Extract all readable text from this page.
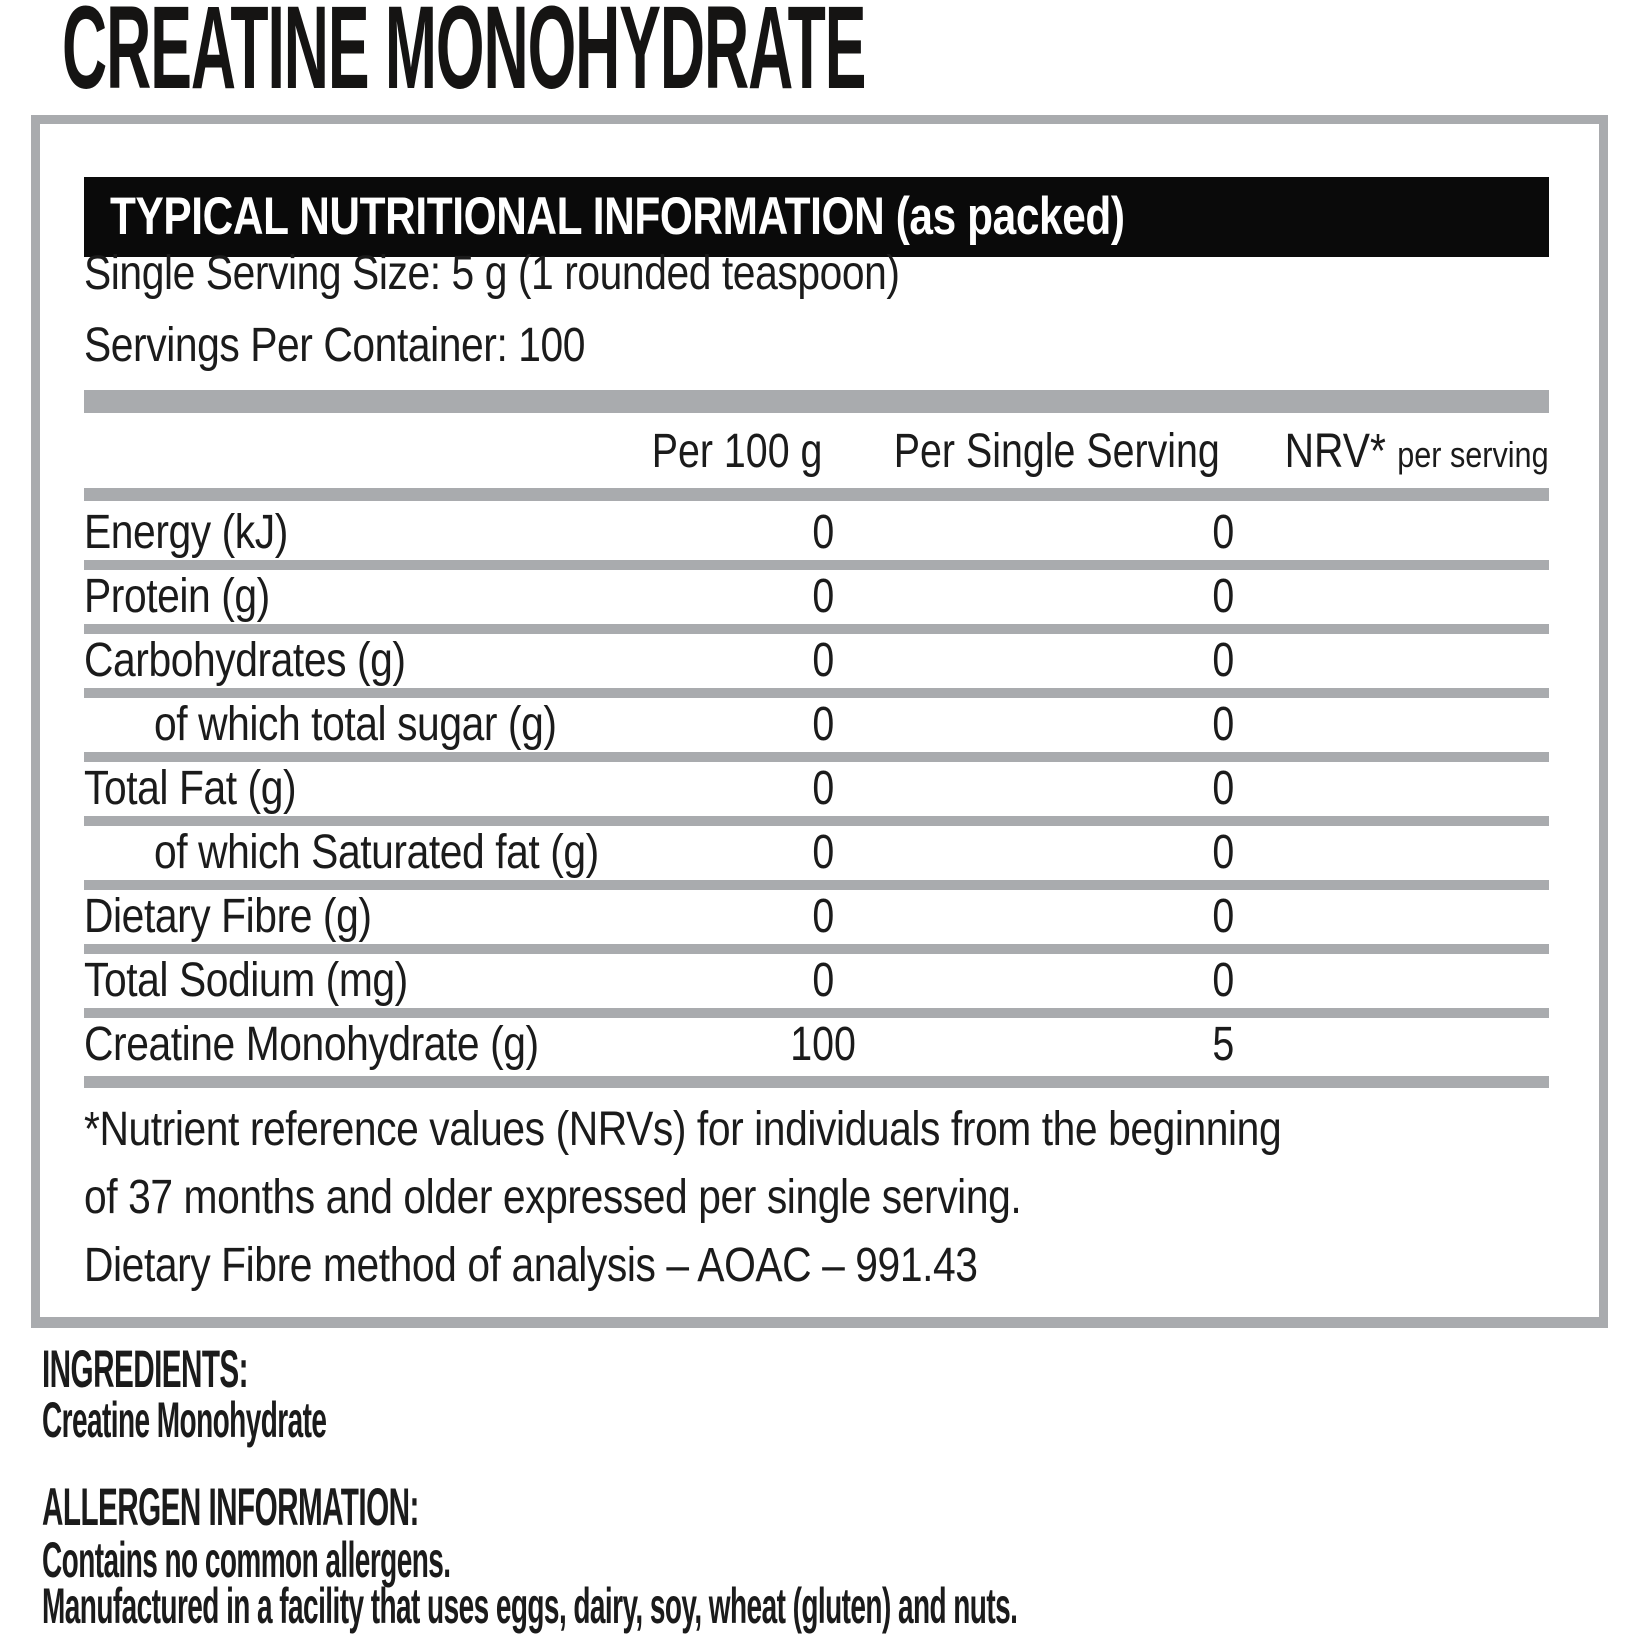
CREATINE MONOHYDRATE
TYPICAL NUTRITIONAL INFORMATION (as packed)
Single Serving Size: 5 g (1 rounded teaspoon)
Servings Per Container: 100
Per 100 g	Per Single Serving	NRV* per serving
Energy (kJ)	0	0
Protein (g)	0	0
Carbohydrates (g)	0	0
of which total sugar (g)	0	0
Total Fat (g)	0	0
of which Saturated fat (g)	0	0
Dietary Fibre (g)	0	0
Total Sodium (mg)	0	0
Creatine Monohydrate (g)	100	5
*Nutrient reference values (NRVs) for individuals from the beginning
of 37 months and older expressed per single serving.
Dietary Fibre method of analysis – AOAC – 991.43
INGREDIENTS:
Creatine Monohydrate
ALLERGEN INFORMATION:
Contains no common allergens.
Manufactured in a facility that uses eggs, dairy, soy, wheat (gluten) and nuts.
